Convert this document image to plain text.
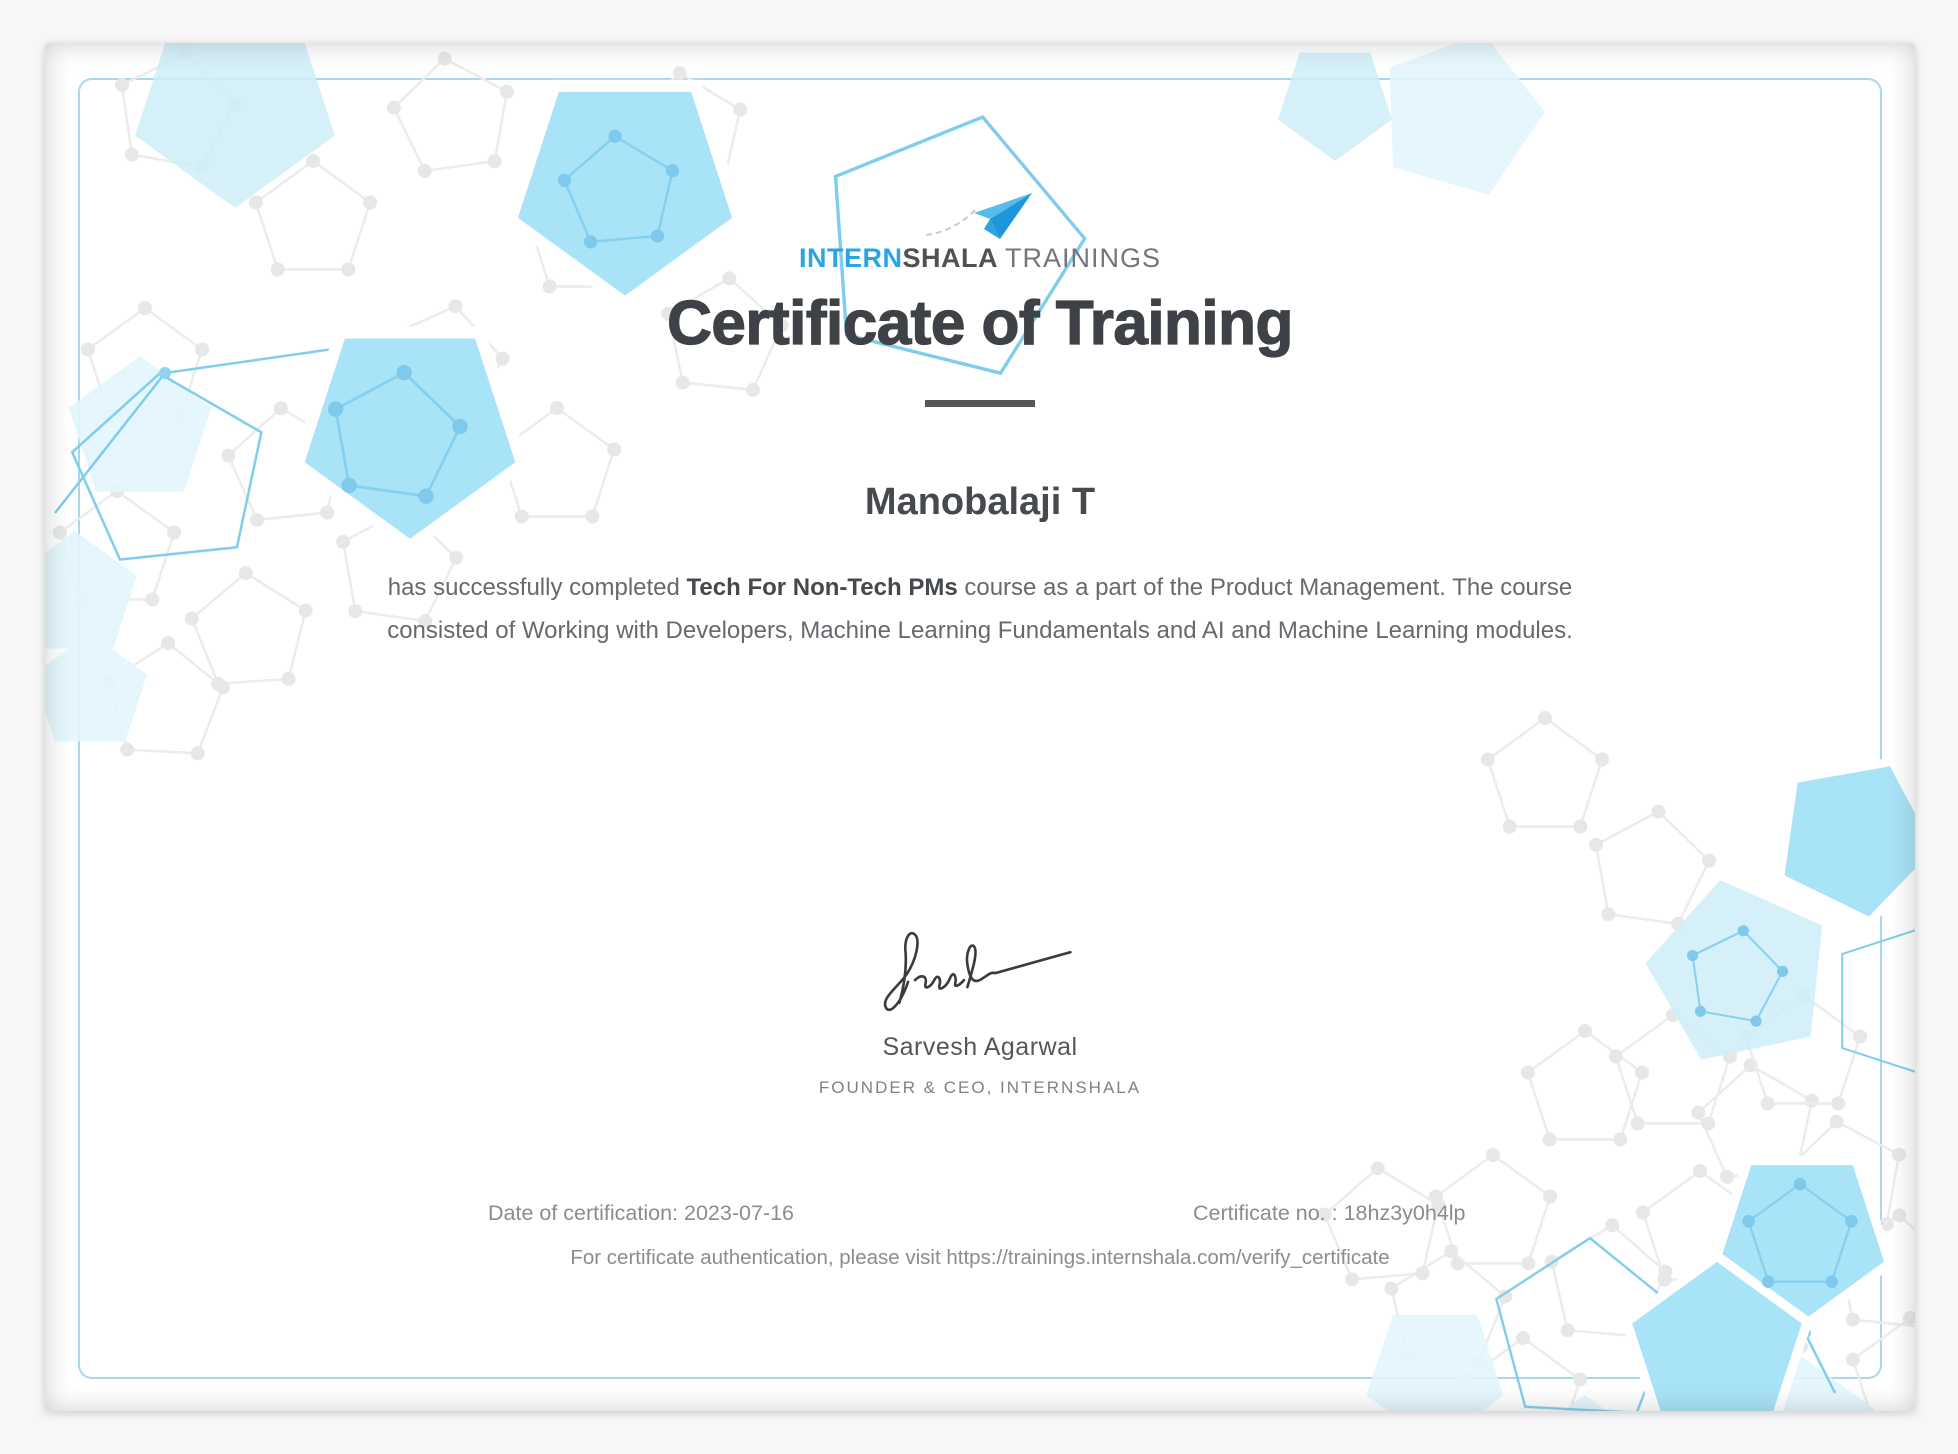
INTERNSHALA TRAININGS
Certificate of Training
Manobalaji T

has successfully completed Tech For Non-Tech PMs course as a part of the Product Management. The course
consisted of Working with Developers, Machine Learning Fundamentals and AI and Machine Learning modules.

Sarvesh Agarwal
FOUNDER & CEO, INTERNSHALA
Date of certification: 2023-07-16	Certificate no. : 18hz3y0h4lp
For certificate authentication, please visit https://trainings.internshala.com/verify_certificate
